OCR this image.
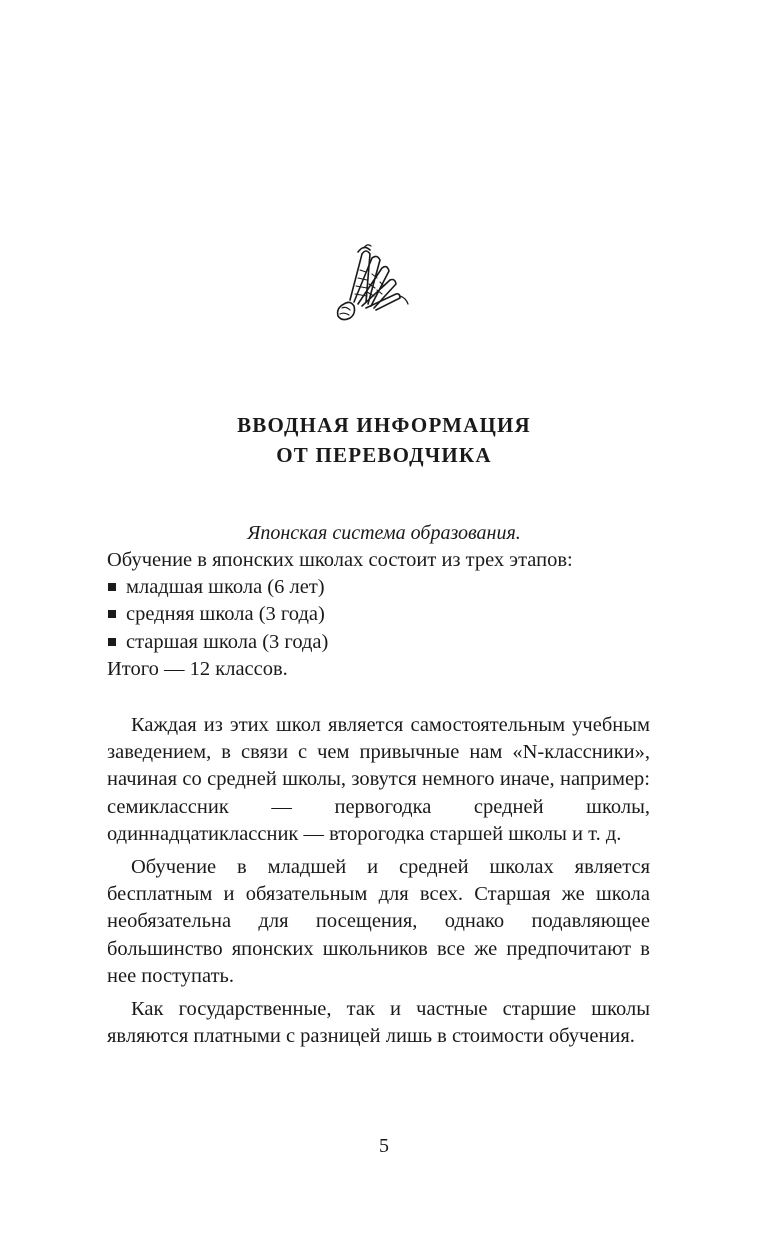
ВВОДНАЯ ИНФОРМАЦИЯ
ОТ ПЕРЕВОДЧИКА
Японская система образования.

Обучение в японских школах состоит из трех этапов:

младшая школа (6 лет)
средняя школа (3 года)
старшая школа (3 года)

Итого — 12 классов.

Каждая из этих школ является самостоятельным учебным заведением, в связи с чем привычные нам «N-классники», начиная со средней школы, зовутся немного иначе, например: семиклассник — первогодка средней школы, одиннадцатиклассник — второгодка старшей школы и т. д.

Обучение в младшей и средней школах является бесплатным и обязательным для всех. Старшая же школа необязательна для посещения, однако подавляющее большинство японских школьников все же предпочитают в нее поступать.

Как государственные, так и частные старшие школы являются платными с разницей лишь в стоимости обучения.

5
